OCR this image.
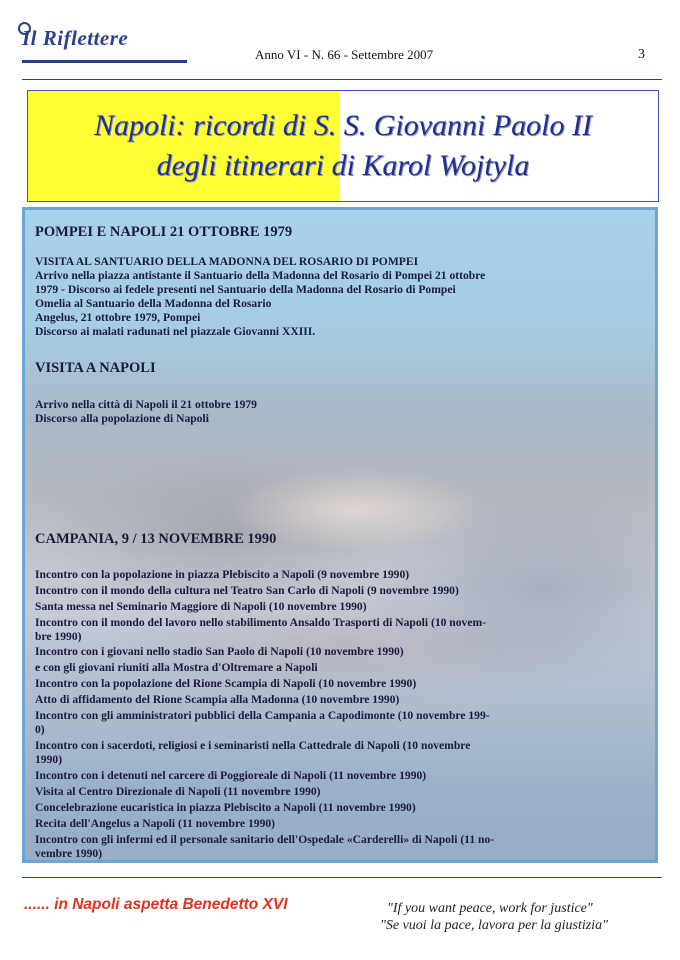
Il Riflettere
Anno VI - N. 66 - Settembre 2007	3
Napoli: ricordi di S. S. Giovanni Paolo II
degli itinerari di Karol Wojtyla
POMPEI E NAPOLI 21 OTTOBRE 1979
VISITA AL SANTUARIO DELLA MADONNA DEL ROSARIO DI POMPEI
Arrivo nella piazza antistante il Santuario della Madonna del Rosario di Pompei 21 ottobre
1979 - Discorso ai fedele presenti nel Santuario della Madonna del Rosario di Pompei
Omelia al Santuario della Madonna del Rosario
Angelus, 21 ottobre 1979, Pompei
Discorso ai malati radunati nel piazzale Giovanni XXIII.
VISITA A NAPOLI
Arrivo nella città di Napoli il 21 ottobre 1979
Discorso alla popolazione di Napoli
CAMPANIA, 9 / 13 NOVEMBRE 1990
Incontro con la popolazione in piazza Plebiscito a Napoli (9 novembre 1990)
Incontro con il mondo della cultura nel Teatro San Carlo di Napoli (9 novembre 1990)
Santa messa nel Seminario Maggiore di Napoli (10 novembre 1990)
Incontro con il mondo del lavoro nello stabilimento Ansaldo Trasporti di Napoli (10 novem-
bre 1990)
Incontro con i giovani nello stadio San Paolo di Napoli (10 novembre 1990)
e con gli giovani riuniti alla Mostra d'Oltremare a Napoli
Incontro con la popolazione del Rione Scampia di Napoli (10 novembre 1990)
Atto di affidamento del Rione Scampia alla Madonna (10 novembre 1990)
Incontro con gli amministratori pubblici della Campania a Capodimonte (10 novembre 199-
0)
Incontro con i sacerdoti, religiosi e i seminaristi nella Cattedrale di Napoli (10 novembre
1990)
Incontro con i detenuti nel carcere di Poggioreale di Napoli (11 novembre 1990)
Visita al Centro Direzionale di Napoli (11 novembre 1990)
Concelebrazione eucaristica in piazza Plebiscito a Napoli (11 novembre 1990)
Recita dell'Angelus a Napoli (11 novembre 1990)
Incontro con gli infermi ed il personale sanitario dell'Ospedale «Carderelli» di Napoli (11 no-
vembre 1990)
...... in Napoli aspetta Benedetto XVI	"If you want peace, work for justice"
"Se vuoi la pace, lavora per la giustizia"
